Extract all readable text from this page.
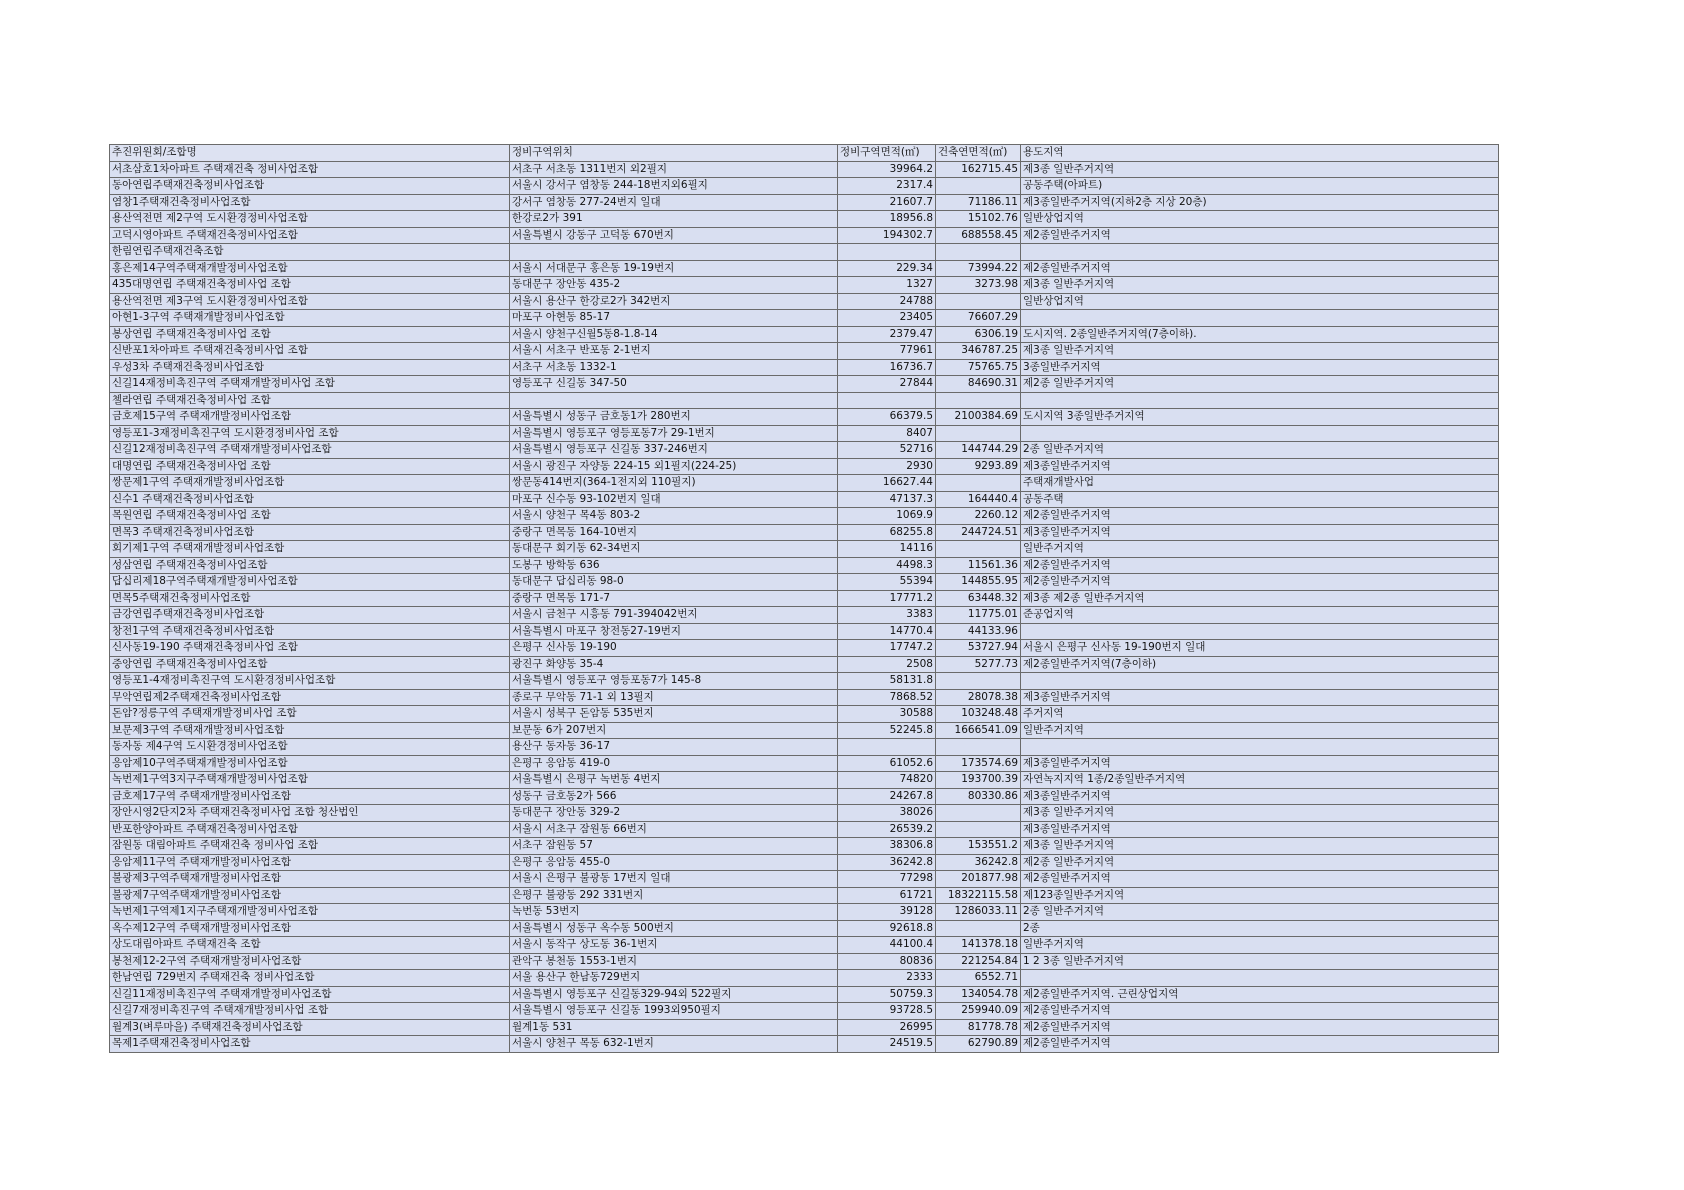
추진위원회/조합명	정비구역위치	정비구역면적(㎡)	건축연면적(㎡)	용도지역
서초삼호1차아파트 주택재건축 정비사업조합	서초구 서초동 1311번지 외2필지	39964.2	162715.45	제3종 일반주거지역
동아연립주택재건축정비사업조합	서울시 강서구 염창동 244-18번지외6필지	2317.4		공동주택(아파트)
염창1주택재건축정비사업조합	강서구 염창동 277-24번지 일대	21607.7	71186.11	제3종일반주거지역(지하2층 지상 20층)
용산역전면 제2구역 도시환경정비사업조합	한강로2가 391	18956.8	15102.76	일반상업지역
고덕시영아파트 주택재건축정비사업조합	서울특별시 강동구 고덕동 670번지	194302.7	688558.45	제2종일반주거지역
한림연립주택재건축조합				
홍은제14구역주택재개발정비사업조합	서울시 서대문구 홍은동 19-19번지	229.34	73994.22	제2종일반주거지역
435대명연립 주택재건축정비사업 조합	동대문구 장안동 435-2	1327	3273.98	제3종 일반주거지역
용산역전면 제3구역 도시환경정비사업조합	서울시 용산구 한강로2가 342번지	24788		일반상업지역
아현1-3구역 주택재개발정비사업조합	마포구 아현동 85-17	23405	76607.29	
봉상연립 주택재건축정비사업 조합	서울시 양천구신월5동8-1.8-14	2379.47	6306.19	도시지역. 2종일반주거지역(7층이하).
신반포1차아파트 주택재건축정비사업 조합	서울시 서초구 반포동 2-1번지	77961	346787.25	제3종 일반주거지역
우성3차 주택재건축정비사업조합	서초구 서초동 1332-1	16736.7	75765.75	3종일반주거지역
신길14재정비촉진구역 주택재개발정비사업 조합	영등포구 신길동 347-50	27844	84690.31	제2종 일반주거지역
첼라연립 주택재건축정비사업 조합				
금호제15구역 주택재개발정비사업조합	서울특별시 성동구 금호동1가 280번지	66379.5	2100384.69	도시지역 3종일반주거지역
영등포1-3재정비촉진구역 도시환경정비사업 조합	서울특별시 영등포구 영등포동7가 29-1번지	8407		
신길12재정비촉진구역 주택재개발정비사업조합	서울특별시 영등포구 신길동 337-246번지	52716	144744.29	2종 일반주거지역
대명연립 주택재건축정비사업 조합	서울시 광진구 자양동 224-15 외1필지(224-25)	2930	9293.89	제3종일반주거지역
쌍문제1구역 주택재개발정비사업조합	쌍문동414번지(364-1전지외 110필지)	16627.44		주택재개발사업
신수1 주택재건축정비사업조합	마포구 신수동 93-102번지 일대	47137.3	164440.4	공동주택
목원연립 주택재건축정비사업 조합	서울시 양천구 목4동 803-2	1069.9	2260.12	제2종일반주거지역
면목3 주택재건축정비사업조합	중랑구 면목동 164-10번지	68255.8	244724.51	제3종일반주거지역
회기제1구역 주택재개발정비사업조합	동대문구 회기동 62-34번지	14116		일반주거지역
성삼연립 주택재건축정비사업조합	도봉구 방학동 636	4498.3	11561.36	제2종일반주거지역
답십리제18구역주택재개발정비사업조합	동대문구 답십리동 98-0	55394	144855.95	제2종일반주거지역
면목5주택재건축정비사업조합	중랑구 면목동 171-7	17771.2	63448.32	제3종 제2종 일반주거지역
금강연립주택재건축정비사업조합	서울시 금천구 시흥동 791-394042번지	3383	11775.01	준공업지역
창전1구역 주택재건축정비사업조합	서울특별시 마포구 창전동27-19번지	14770.4	44133.96	
신사동19-190 주택재건축정비사업 조합	은평구 신사동 19-190	17747.2	53727.94	서울시 은평구 신사동 19-190번지 일대
중앙연립 주택재건축정비사업조합	광진구 화양동 35-4	2508	5277.73	제2종일반주거지역(7층이하)
영등포1-4재정비촉진구역 도시환경정비사업조합	서울특별시 영등포구 영등포동7가 145-8	58131.8		
무악연립제2주택재건축정비사업조합	종로구 무악동 71-1 외 13필지	7868.52	28078.38	제3종일반주거지역
돈암?정릉구역 주택재개발정비사업 조합	서울시 성북구 돈암동 535번지	30588	103248.48	주거지역
보문제3구역 주택재개발정비사업조합	보문동 6가 207번지	52245.8	1666541.09	일반주거지역
동자동 제4구역 도시환경정비사업조합	용산구 동자동 36-17			
응암제10구역주택재개발정비사업조합	은평구 응암동 419-0	61052.6	173574.69	제3종일반주거지역
녹번제1구역3지구주택재개발정비사업조합	서울특별시 은평구 녹번동 4번지	74820	193700.39	자연녹지지역 1종/2종일반주거지역
금호제17구역 주택재개발정비사업조합	성동구 금호동2가 566	24267.8	80330.86	제3종일반주거지역
장안시영2단지2차 주택재건축정비사업 조합 청산법인	동대문구 장안동 329-2	38026		제3종 일반주거지역
반포한양아파트 주택재건축정비사업조합	서울시 서초구 잠원동 66번지	26539.2		제3종일반주거지역
잠원동 대림아파트 주택재건축 정비사업 조합	서초구 잠원동 57	38306.8	153551.2	제3종 일반주거지역
응암제11구역 주택재개발정비사업조합	은평구 응암동 455-0	36242.8	36242.8	제2종 일반주거지역
불광제3구역주택재개발정비사업조합	서울시 은평구 불광동 17번지 일대	77298	201877.98	제2종일반주거지역
불광제7구역주택재개발정비사업조합	은평구 불광동 292 331번지	61721	18322115.58	제123종일반주거지역
녹번제1구역제1지구주택재개발정비사업조합	녹번동 53번지	39128	1286033.11	2종 일반주거지역
옥수제12구역 주택재개발정비사업조합	서울특별시 성동구 옥수동 500번지	92618.8		2종
상도대림아파트 주택재건축 조합	서울시 동작구 상도동 36-1번지	44100.4	141378.18	일반주거지역
봉천제12-2구역 주택재개발정비사업조합	관악구 봉천동 1553-1번지	80836	221254.84	1 2 3종 일반주거지역
한남연립 729번지 주택재건축 정비사업조합	서울 용산구 한남동729번지	2333	6552.71	
신길11재정비촉진구역 주택재개발정비사업조합	서울특별시 영등포구 신길동329-94외 522필지	50759.3	134054.78	제2종일반주거지역. 근린상업지역
신길7재정비촉진구역 주택재개발정비사업 조합	서울특별시 영등포구 신길동 1993외950필지	93728.5	259940.09	제2종일반주거지역
월계3(벼루마을) 주택재건축정비사업조합	월계1동 531	26995	81778.78	제2종일반주거지역
목제1주택재건축정비사업조합	서울시 양천구 목동 632-1번지	24519.5	62790.89	제2종일반주거지역
